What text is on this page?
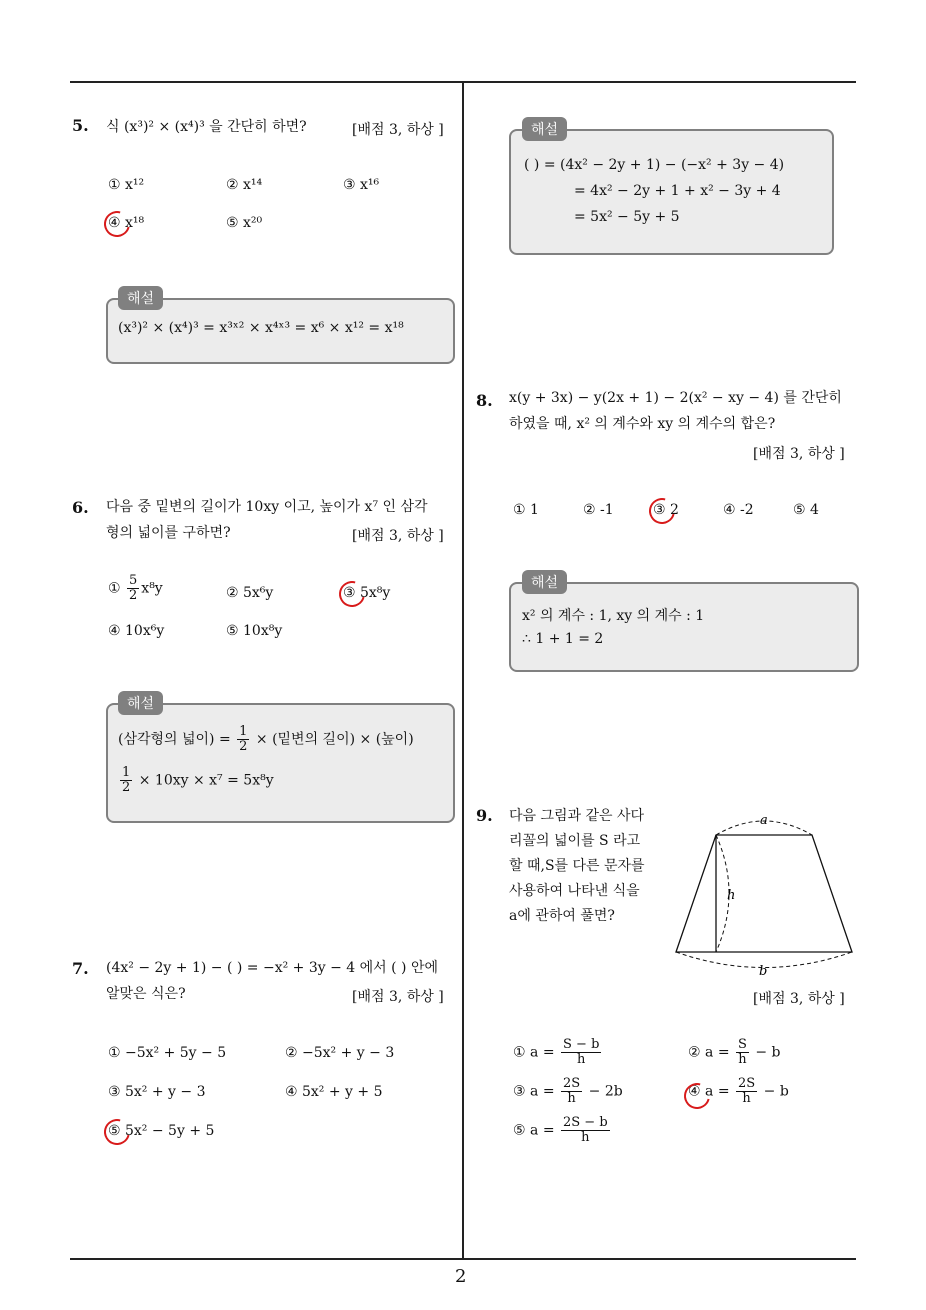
2
5. 식 (x³)² × (x⁴)³ 을 간단히 하면?	[배점 3, 하상 ]
① x¹²	② x¹⁴	③ x¹⁶
④ x¹⁸	⑤ x²⁰
해설
(x³)² × (x⁴)³ = x³ˣ² × x⁴ˣ³ = x⁶ × x¹² = x¹⁸
6. 다음 중 밑변의 길이가 10xy 이고, 높이가 x⁷ 인 삼각
형의 넓이를 구하면?	[배점 3, 하상 ]
① $\frac{5}{2} x^8y$	② 5x⁶y	③ 5x⁸y
④ 10x⁶y	⑤ 10x⁸y
해설
(삼각형의 넓이) = $\frac{1}{2}$ × (밑변의 길이) × (높이)
$\frac{1}{2} \times 10xy \times x^7 = 5x^8y$
7. (4x² − 2y + 1) − ( ) = −x² + 3y − 4 에서 ( ) 안에
알맞은 식은?	[배점 3, 하상 ]
① −5x² + 5y − 5	② −5x² + y − 3
③ 5x² + y − 3	④ 5x² + y + 5
⑤ 5x² − 5y + 5
해설
( ) = (4x² − 2y + 1) − (−x² + 3y − 4)
= 4x² − 2y + 1 + x² − 3y + 4
= 5x² − 5y + 5
8. x(y + 3x) − y(2x + 1) − 2(x² − xy − 4) 를 간단히
하였을 때, x² 의 계수와 xy 의 계수의 합은?
[배점 3, 하상 ]
① 1	② -1	③ 2	④ -2	⑤ 4
해설
x² 의 계수 : 1, xy 의 계수 : 1
∴ 1 + 1 = 2
9. 다음 그림과 같은 사다
리꼴의 넓이를 S 라고
할 때,S를 다른 문자를
사용하여 나타낸 식을
a에 관하여 풀면?
a
h
b
[배점 3, 하상 ]
① $a = \frac{S - b}{h}$	② $a = \frac{S}{h} - b$
③ $a = \frac{2S}{h} - 2b$	④ $a = \frac{2S}{h} - b$
⑤ $a = \frac{2S - b}{h}$
